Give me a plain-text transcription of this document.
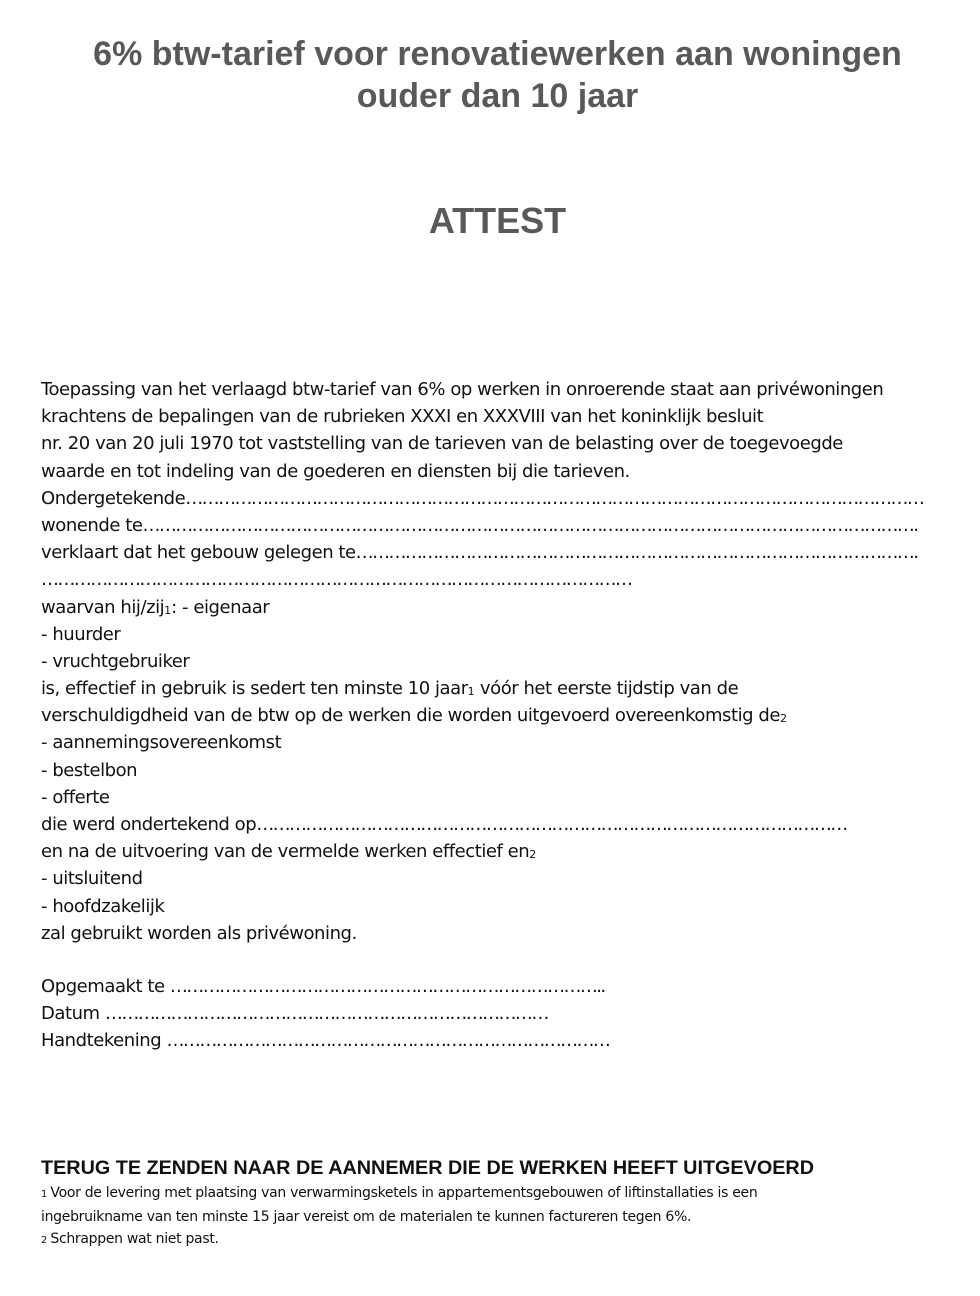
6% btw-tarief voor renovatiewerken aan woningen
ouder dan 10 jaar
ATTEST
Toepassing van het verlaagd btw-tarief van 6% op werken in onroerende staat aan privéwoningen
krachtens de bepalingen van de rubrieken XXXI en XXXVIII van het koninklijk besluit
nr. 20 van 20 juli 1970 tot vaststelling van de tarieven van de belasting over de toegevoegde
waarde en tot indeling van de goederen en diensten bij die tarieven.
Ondergetekende………………………………………………………………………………………………………………………
wonende te…………………………………………………………………………………………………………………………….
verklaart dat het gebouw gelegen te………………………………………………………………………………………….
………………………………………………………………………………………………
waarvan hij/zij$_1$: - eigenaar
- huurder
- vruchtgebruiker
is, effectief in gebruik is sedert ten minste 10 jaar$_1$ vóór het eerste tijdstip van de
verschuldigdheid van de btw op de werken die worden uitgevoerd overeenkomstig $de_2$
- aannemingsovereenkomst
- bestelbon
- offerte
die werd ondertekend op………………………………………………………………………………………………
en na de uitvoering van de vermelde werken effectief $en_2$
- uitsluitend
- hoofdzakelijk
zal gebruikt worden als privéwoning.
Opgemaakt te ……………………………………………………………………..
Datum ………………………………………………………………………
Handtekening ………………………………………………………………………
TERUG TE ZENDEN NAAR DE AANNEMER DIE DE WERKEN HEEFT UITGEVOERD
1 Voor de levering met plaatsing van verwarmingsketels in appartementsgebouwen of liftinstallaties is een
ingebruikname van ten minste 15 jaar vereist om de materialen te kunnen factureren tegen 6%.
2 Schrappen wat niet past.
